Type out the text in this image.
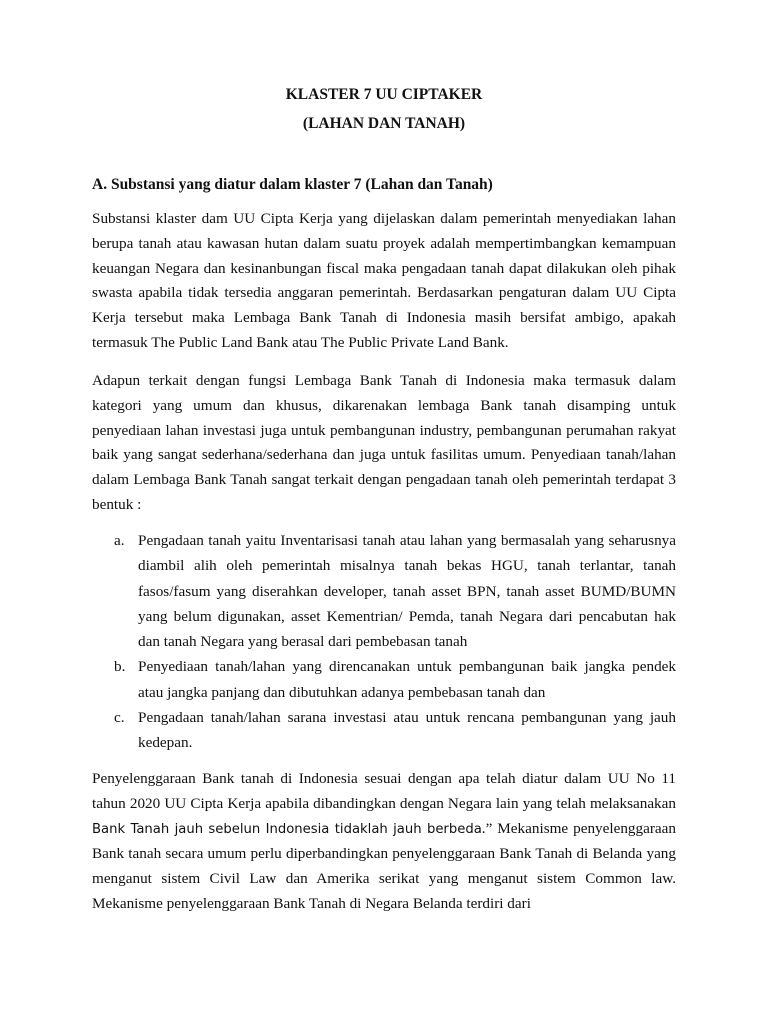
KLASTER 7 UU CIPTAKER
(LAHAN DAN TANAH)
A. Substansi yang diatur dalam klaster 7 (Lahan dan Tanah)
Substansi klaster dam UU Cipta Kerja yang dijelaskan dalam pemerintah menyediakan lahan berupa tanah atau kawasan hutan dalam suatu proyek adalah mempertimbangkan kemampuan keuangan Negara dan kesinanbungan fiscal maka pengadaan tanah dapat dilakukan oleh pihak swasta apabila tidak tersedia anggaran pemerintah. Berdasarkan pengaturan dalam UU Cipta Kerja tersebut maka Lembaga Bank Tanah di Indonesia masih bersifat ambigo, apakah termasuk The Public Land Bank atau The Public Private Land Bank.
Adapun terkait dengan fungsi Lembaga Bank Tanah di Indonesia maka termasuk dalam kategori yang umum dan khusus, dikarenakan lembaga Bank tanah disamping untuk penyediaan lahan investasi juga untuk pembangunan industry, pembangunan perumahan rakyat baik yang sangat sederhana/sederhana dan juga untuk fasilitas umum. Penyediaan tanah/lahan dalam Lembaga Bank Tanah sangat terkait dengan pengadaan tanah oleh pemerintah terdapat 3 bentuk :
a. Pengadaan tanah yaitu Inventarisasi tanah atau lahan yang bermasalah yang seharusnya diambil alih oleh pemerintah misalnya tanah bekas HGU, tanah terlantar, tanah fasos/fasum yang diserahkan developer, tanah asset BPN, tanah asset BUMD/BUMN yang belum digunakan, asset Kementrian/ Pemda, tanah Negara dari pencabutan hak dan tanah Negara yang berasal dari pembebasan tanah
b. Penyediaan tanah/lahan yang direncanakan untuk pembangunan baik jangka pendek atau jangka panjang dan dibutuhkan adanya pembebasan tanah dan
c. Pengadaan tanah/lahan sarana investasi atau untuk rencana pembangunan yang jauh kedepan.
Penyelenggaraan Bank tanah di Indonesia sesuai dengan apa telah diatur dalam UU No 11 tahun 2020 UU Cipta Kerja apabila dibandingkan dengan Negara lain yang telah melaksanakan Bank Tanah jauh sebelun Indonesia tidaklah jauh berbeda.” Mekanisme penyelenggaraan Bank tanah secara umum perlu diperbandingkan penyelenggaraan Bank Tanah di Belanda yang menganut sistem Civil Law dan Amerika serikat yang menganut sistem Common law. Mekanisme penyelenggaraan Bank Tanah di Negara Belanda terdiri dari
